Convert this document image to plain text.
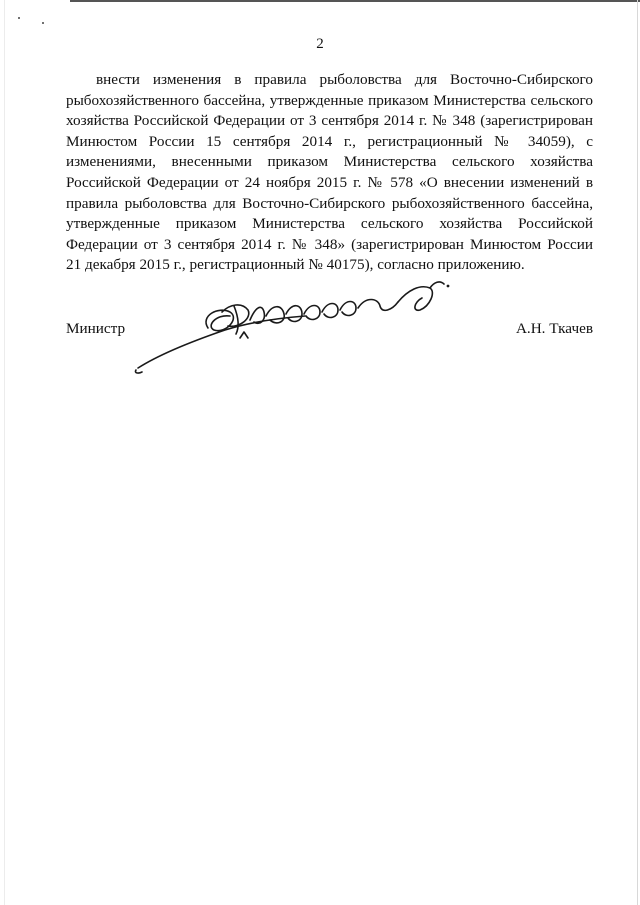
2
внести изменения в правила рыболовства для Восточно-Сибирского
рыбохозяйственного бассейна, утвержденные приказом Министерства сельского
хозяйства Российской Федерации от 3 сентября 2014 г. № 348 (зарегистрирован
Минюстом России 15 сентября 2014 г., регистрационный № 34059), с
изменениями, внесенными приказом Министерства сельского хозяйства
Российской Федерации от 24 ноября 2015 г. № 578 «О внесении изменений в
правила рыболовства для Восточно-Сибирского рыбохозяйственного бассейна,
утвержденные приказом Министерства сельского хозяйства Российской
Федерации от 3 сентября 2014 г. № 348» (зарегистрирован Минюстом России
21 декабря 2015 г., регистрационный № 40175), согласно приложению.
Министр	А.Н. Ткачев
